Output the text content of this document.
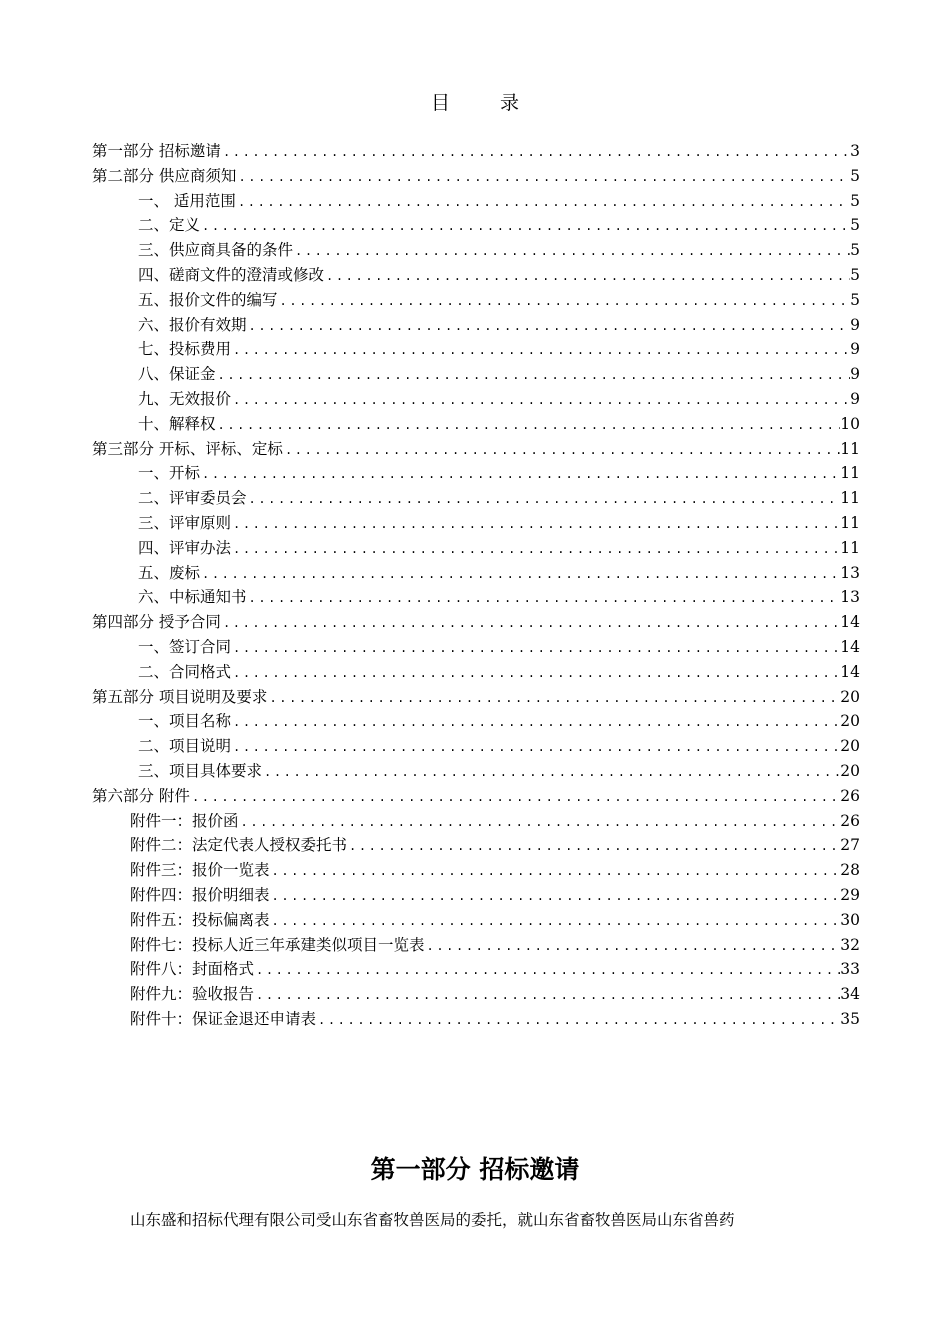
目 录
第一部分 招标邀请 .....	3
第二部分 供应商须知 .....	5
一、 适用范围 .....	5
二、定义 .....	5
三、供应商具备的条件 .....	5
四、磋商文件的澄清或修改 .....	5
五、报价文件的编写 .....	5
六、报价有效期 .....	9
七、投标费用 .....	9
八、保证金 .....	9
九、无效报价 .....	9
十、解释权 .....	10
第三部分 开标、评标、定标 .....	11
一、开标 .....	11
二、评审委员会 .....	11
三、评审原则 .....	11
四、评审办法 .....	11
五、废标 .....	13
六、中标通知书 .....	13
第四部分 授予合同 .....	14
一、签订合同 .....	14
二、合同格式 .....	14
第五部分 项目说明及要求 .....	20
一、项目名称 .....	20
二、项目说明 .....	20
三、项目具体要求 .....	20
第六部分 附件 .....	26
附件一：报价函 .....	26
附件二：法定代表人授权委托书 .....	27
附件三：报价一览表 .....	28
附件四：报价明细表 .....	29
附件五：投标偏离表 .....	30
附件七：投标人近三年承建类似项目一览表 .....	32
附件八：封面格式 .....	33
附件九：验收报告 .....	34
附件十：保证金退还申请表 .....	35
第一部分 招标邀请
山东盛和招标代理有限公司受山东省畜牧兽医局的委托，就山东省畜牧兽医局山东省兽药
